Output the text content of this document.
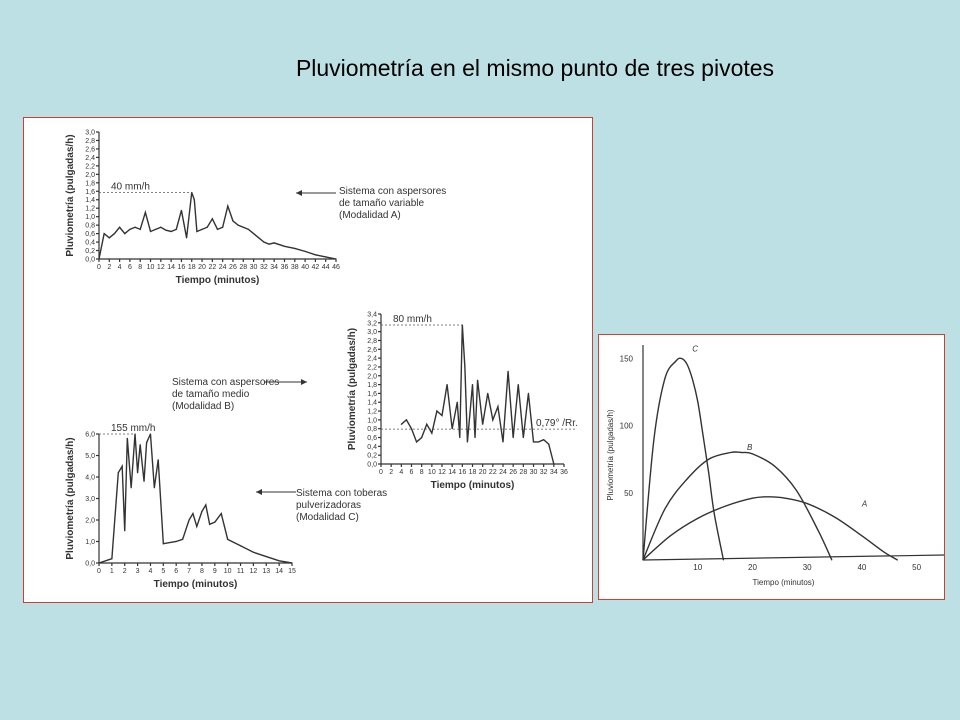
Pluviometría en el mismo punto de tres pivotes
0,0
0,2
0,4
0,6
0,8
1,0
1,2
1,4
1,6
1,8
2,0
2,2
2,4
2,6
2,8
3,0
0 2 4 6 8 10 12 14 16 18 20 22 24 26 28 30 32 34 36 38 40 42 44 46
40 mm/h
Tiempo (minutos)
Pluviometría (pulgadas/h)	Sistema con aspersores
de tamaño variable
(Modalidad A)
0,0
0,2
0,4
0,6
0,8
1,0
1,2
1,4
1,6
1,8
2,0
2,2
2,4
2,6
2,8
3,0
3,2
3,4
0 2 4 6 8 10 12 14 16 18 20 22 24 26 28 30 32 34 36
80 mm/h
0,79° /Rr.
Tiempo (minutos)
Pluviometría (pulgadas/h)
Sistema con aspersores
de tamaño medio
(Modalidad B)
0,0
1,0
2,0
3,0
4,0
5,0
6,0
0 1 2 3 4 5 6 7 8 9 10 11 12 13 14 15
155 mm/h
Tiempo (minutos)
Pluviometría (pulgadas/h)	Sistema con toberas
pulverizadoras
(Modalidad C)
50
100
150
10	20	30	40	50
Tiempo (minutos)
Pluviometría (pulgadas/h)
C
B
A
